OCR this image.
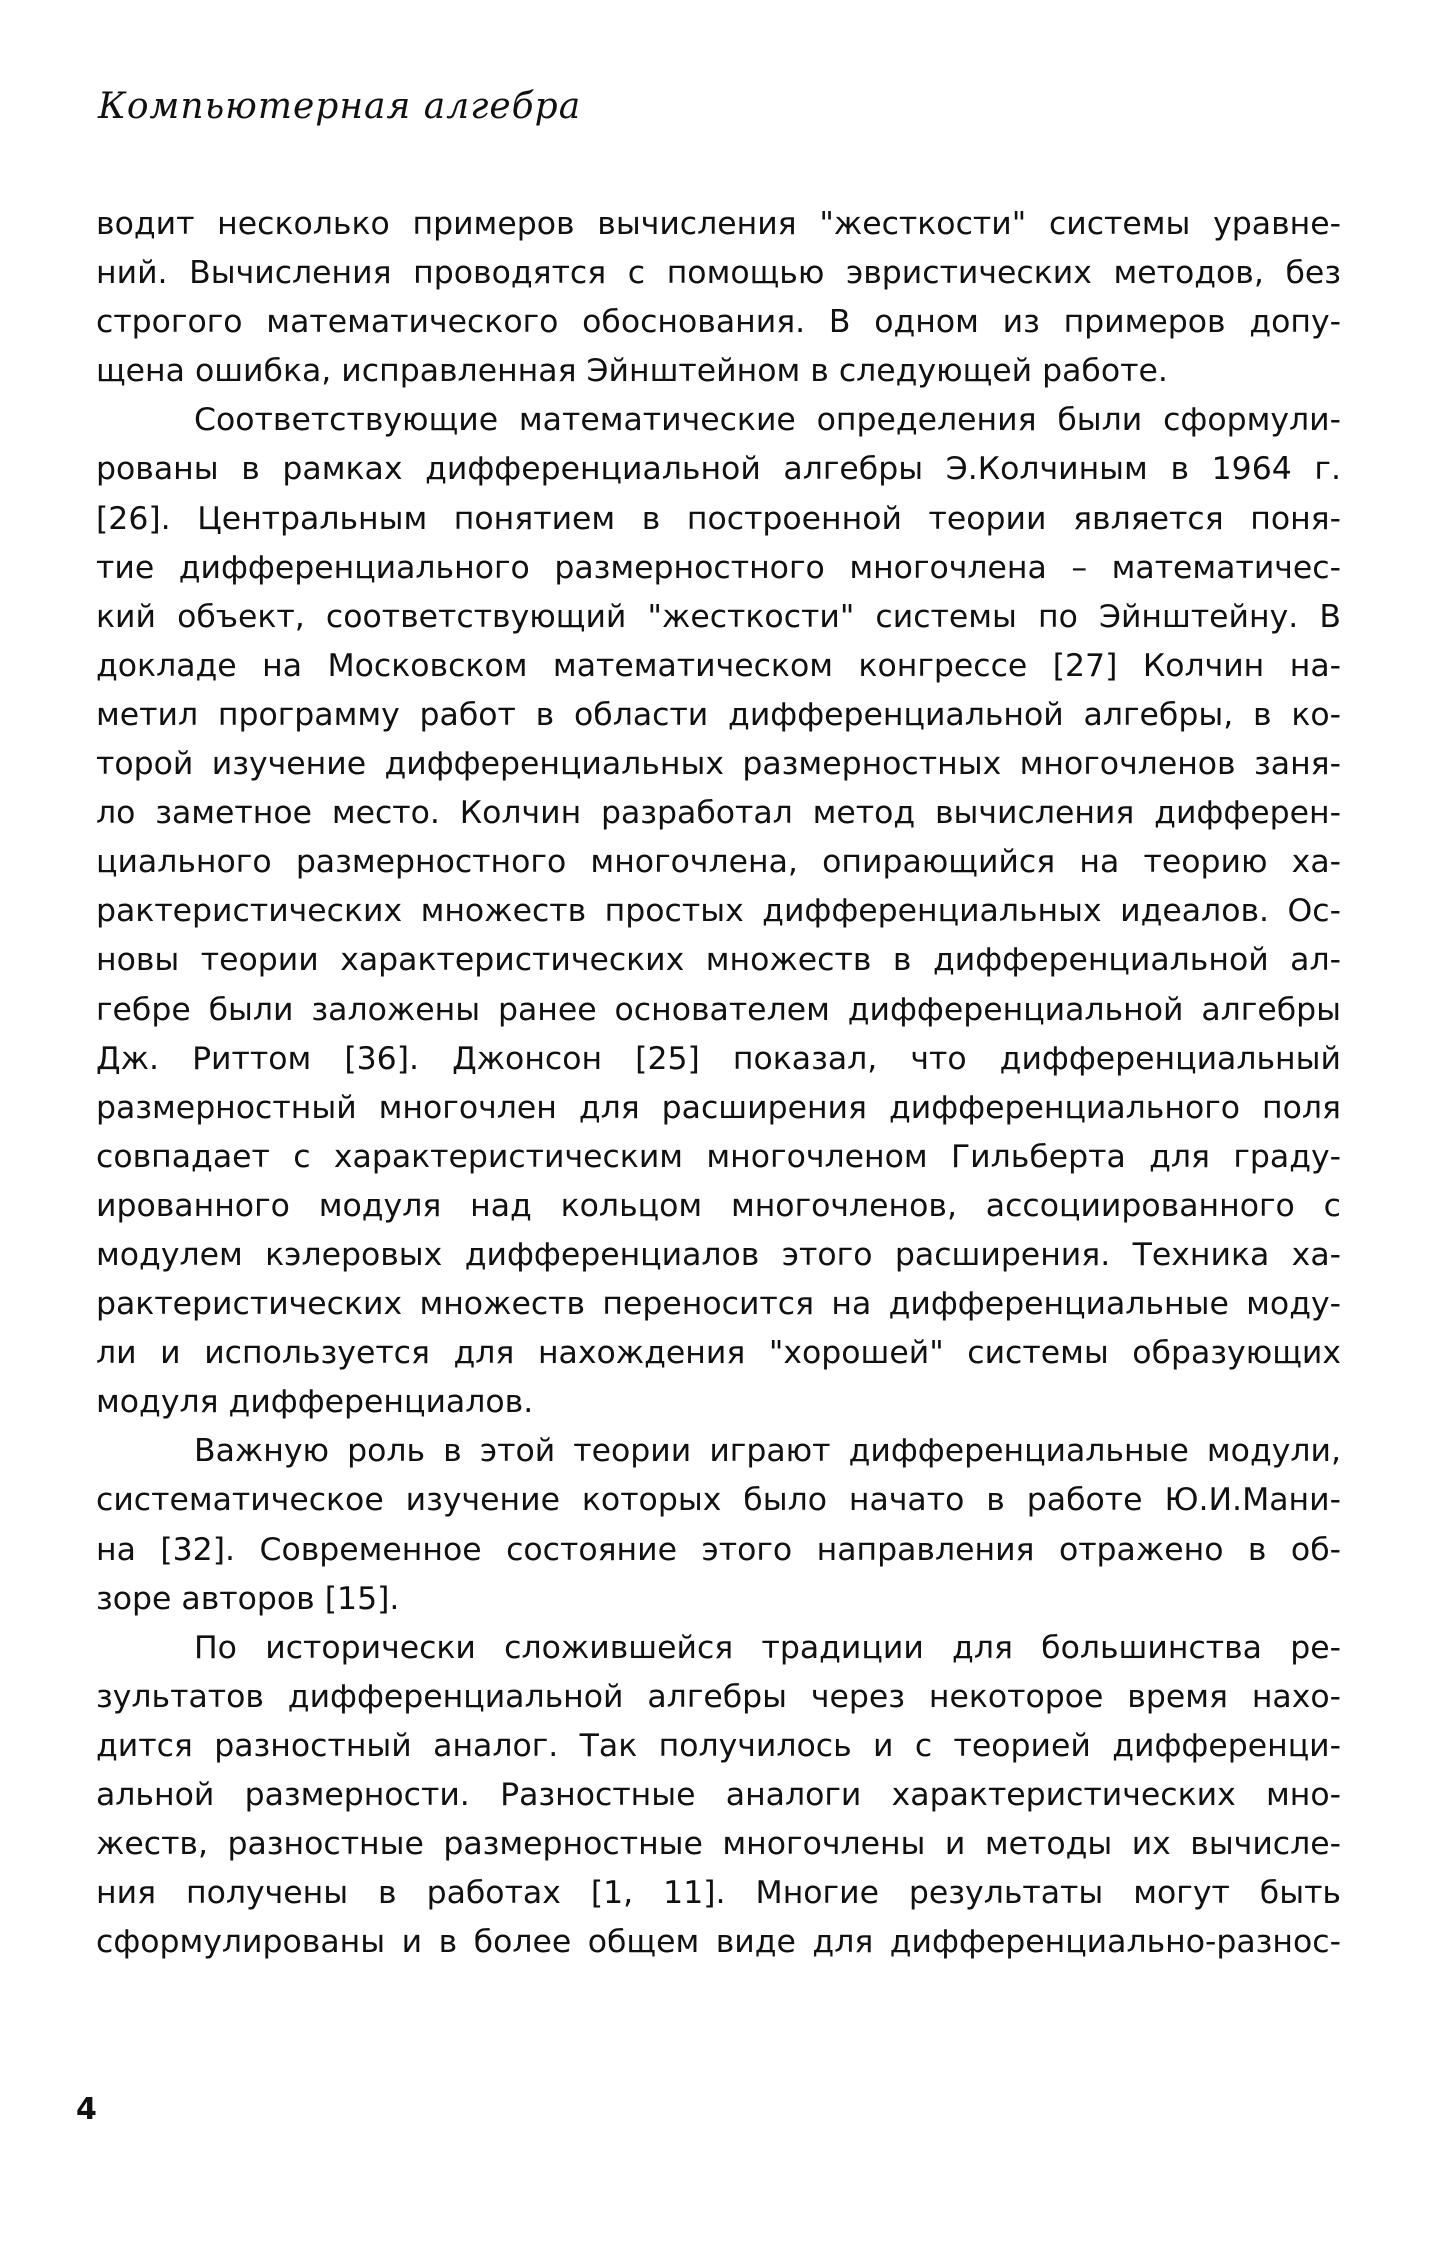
Компьютерная алгебра
водит несколько примеров вычисления "жесткости" системы уравне-
ний. Вычисления проводятся с помощью эвристических методов, без
строгого математического обоснования. В одном из примеров допу-
щена ошибка, исправленная Эйнштейном в следующей работе.
Соответствующие математические определения были сформули-
рованы в рамках дифференциальной алгебры Э.Колчиным в 1964 г.
[26]. Центральным понятием в построенной теории является поня-
тие дифференциального размерностного многочлена – математичес-
кий объект, соответствующий "жесткости" системы по Эйнштейну. В
докладе на Московском математическом конгрессе [27] Колчин на-
метил программу работ в области дифференциальной алгебры, в ко-
торой изучение дифференциальных размерностных многочленов заня-
ло заметное место. Колчин разработал метод вычисления дифферен-
циального размерностного многочлена, опирающийся на теорию ха-
рактеристических множеств простых дифференциальных идеалов. Ос-
новы теории характеристических множеств в дифференциальной ал-
гебре были заложены ранее основателем дифференциальной алгебры
Дж. Риттом [36]. Джонсон [25] показал, что дифференциальный
размерностный многочлен для расширения дифференциального поля
совпадает с характеристическим многочленом Гильберта для граду-
ированного модуля над кольцом многочленов, ассоциированного с
модулем кэлеровых дифференциалов этого расширения. Техника ха-
рактеристических множеств переносится на дифференциальные моду-
ли и используется для нахождения "хорошей" системы образующих
модуля дифференциалов.
Важную роль в этой теории играют дифференциальные модули,
систематическое изучение которых было начато в работе Ю.И.Мани-
на [32]. Современное состояние этого направления отражено в об-
зоре авторов [15].
По исторически сложившейся традиции для большинства ре-
зультатов дифференциальной алгебры через некоторое время нахо-
дится разностный аналог. Так получилось и с теорией дифференци-
альной размерности. Разностные аналоги характеристических мно-
жеств, разностные размерностные многочлены и методы их вычисле-
ния получены в работах [1, 11]. Многие результаты могут быть
сформулированы и в более общем виде для дифференциально-разнос-
4
